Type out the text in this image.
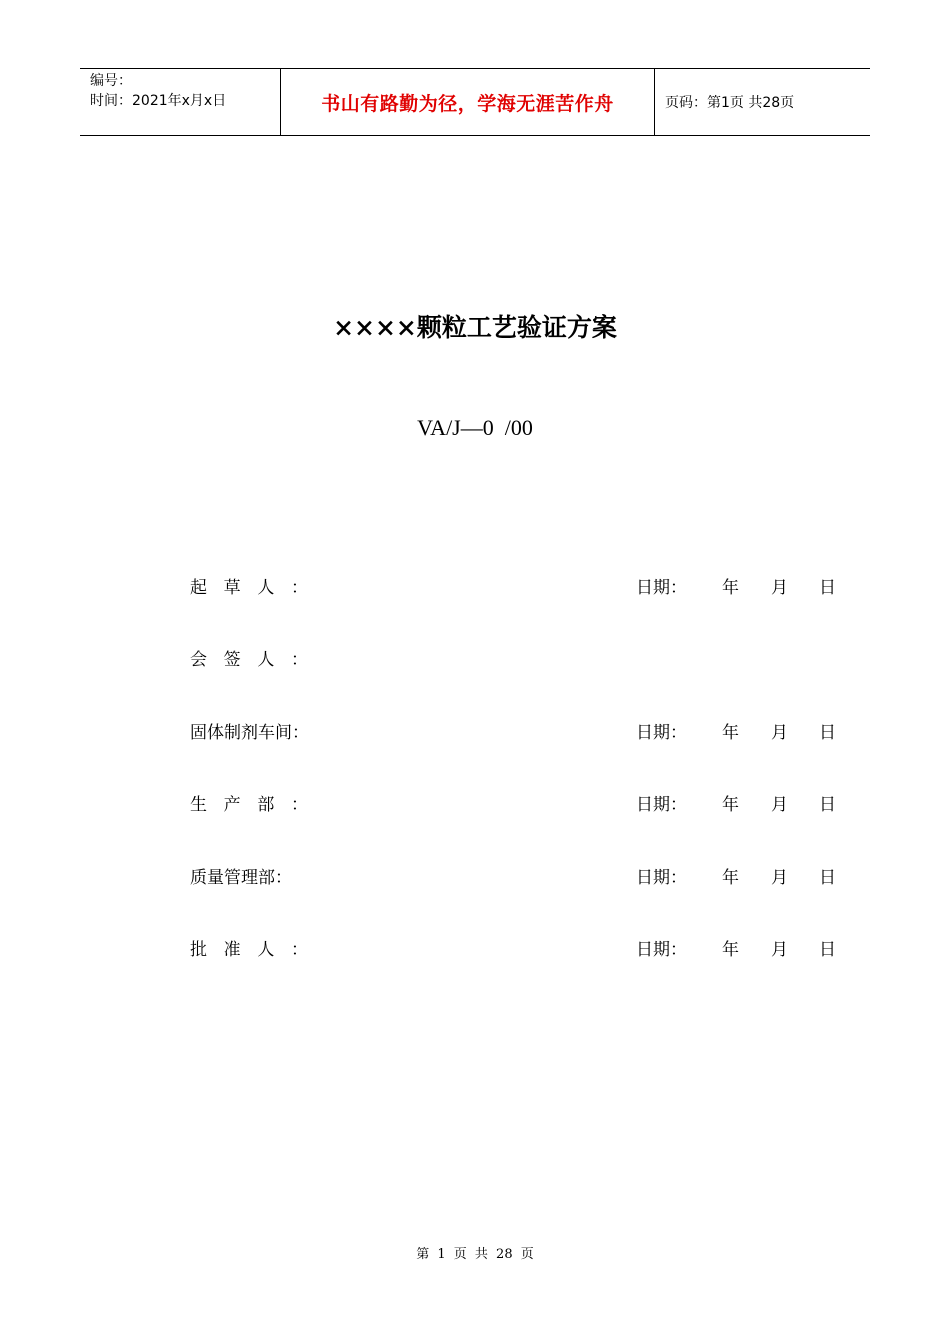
编号：
时间：2021年x月x日	书山有路勤为径，学海无涯苦作舟	页码：第1页 共28页
××××颗粒工艺验证方案
VA/J—0  /00
起 草 人 ：	日期： 年 月 日
会 签 人 ：
固体制剂车间：	日期： 年 月 日
生 产 部 ：	日期： 年 月 日
质量管理部：	日期： 年 月 日
批 准 人 ：	日期： 年 月 日
第 1 页 共 28 页
